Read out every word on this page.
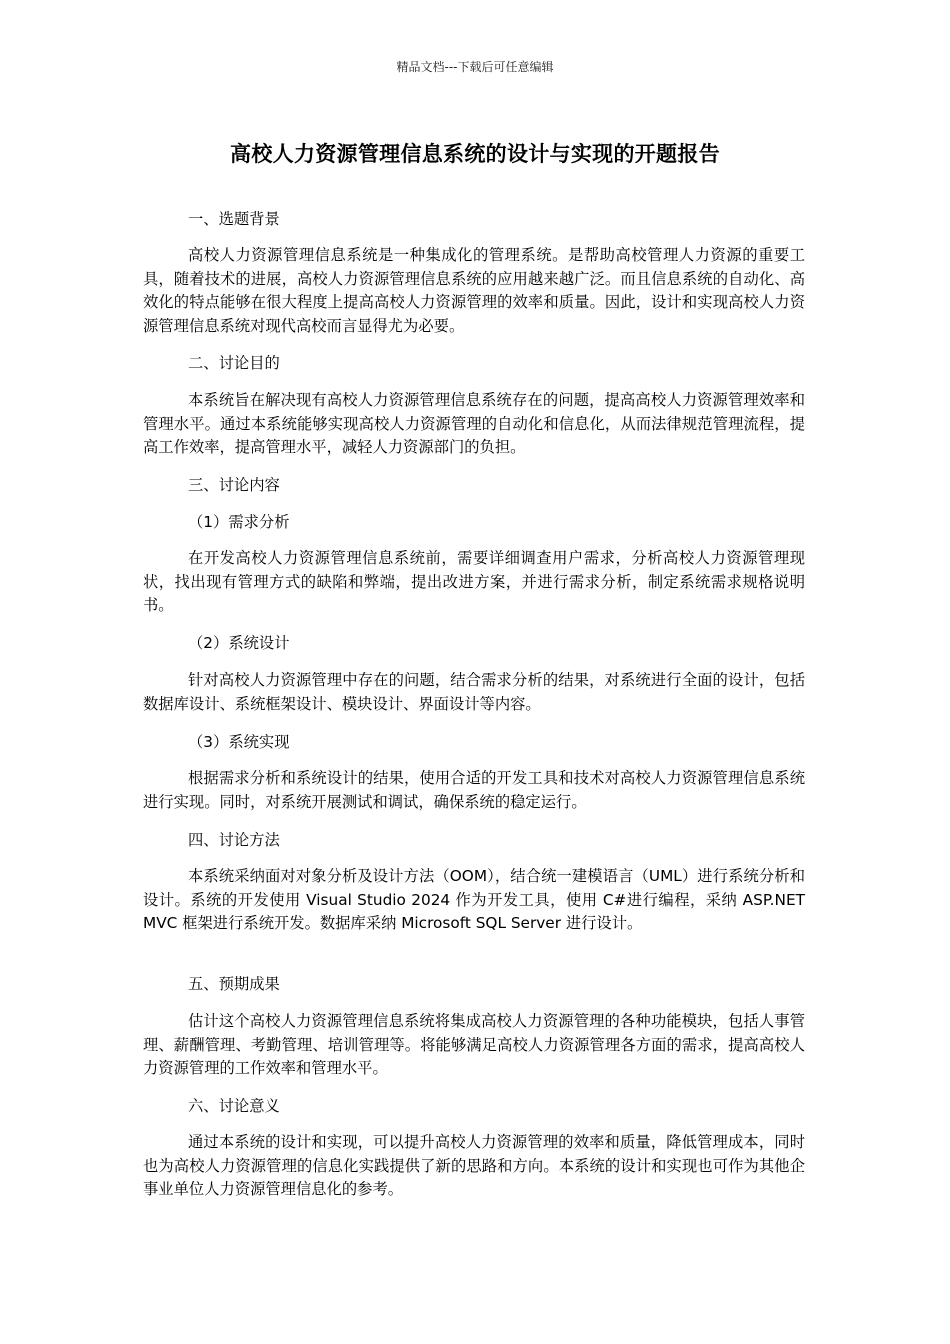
精品文档---下载后可任意编辑
高校人力资源管理信息系统的设计与实现的开题报告
一、选题背景
高校人力资源管理信息系统是一种集成化的管理系统。是帮助高校管理人力资源的重要工具，随着技术的进展，高校人力资源管理信息系统的应用越来越广泛。而且信息系统的自动化、高效化的特点能够在很大程度上提高高校人力资源管理的效率和质量。因此，设计和实现高校人力资源管理信息系统对现代高校而言显得尤为必要。
二、讨论目的
本系统旨在解决现有高校人力资源管理信息系统存在的问题，提高高校人力资源管理效率和管理水平。通过本系统能够实现高校人力资源管理的自动化和信息化，从而法律规范管理流程，提高工作效率，提高管理水平，减轻人力资源部门的负担。
三、讨论内容
（1）需求分析
在开发高校人力资源管理信息系统前，需要详细调查用户需求，分析高校人力资源管理现状，找出现有管理方式的缺陷和弊端，提出改进方案，并进行需求分析，制定系统需求规格说明书。
（2）系统设计
针对高校人力资源管理中存在的问题，结合需求分析的结果，对系统进行全面的设计，包括数据库设计、系统框架设计、模块设计、界面设计等内容。
（3）系统实现
根据需求分析和系统设计的结果，使用合适的开发工具和技术对高校人力资源管理信息系统进行实现。同时，对系统开展测试和调试，确保系统的稳定运行。
四、讨论方法
本系统采纳面对对象分析及设计方法（OOM），结合统一建模语言（UML）进行系统分析和设计。系统的开发使用 Visual Studio 2024 作为开发工具，使用 C#进行编程，采纳 ASP.NET MVC 框架进行系统开发。数据库采纳 Microsoft SQL Server 进行设计。
五、预期成果
估计这个高校人力资源管理信息系统将集成高校人力资源管理的各种功能模块，包括人事管理、薪酬管理、考勤管理、培训管理等。将能够满足高校人力资源管理各方面的需求，提高高校人力资源管理的工作效率和管理水平。
六、讨论意义
通过本系统的设计和实现，可以提升高校人力资源管理的效率和质量，降低管理成本，同时也为高校人力资源管理的信息化实践提供了新的思路和方向。本系统的设计和实现也可作为其他企事业单位人力资源管理信息化的参考。
